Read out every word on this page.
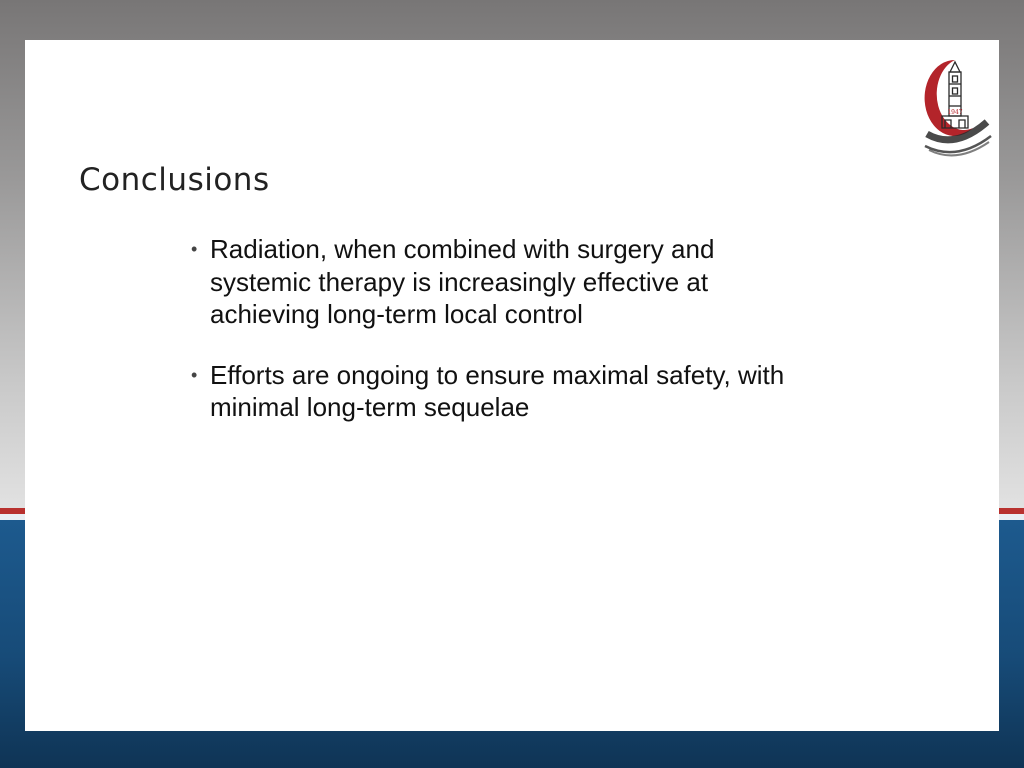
1947
Conclusions
• Radiation, when combined with surgery and systemic therapy is increasingly effective at achieving long-term local control
• Efforts are ongoing to ensure maximal safety, with minimal long-term sequelae
